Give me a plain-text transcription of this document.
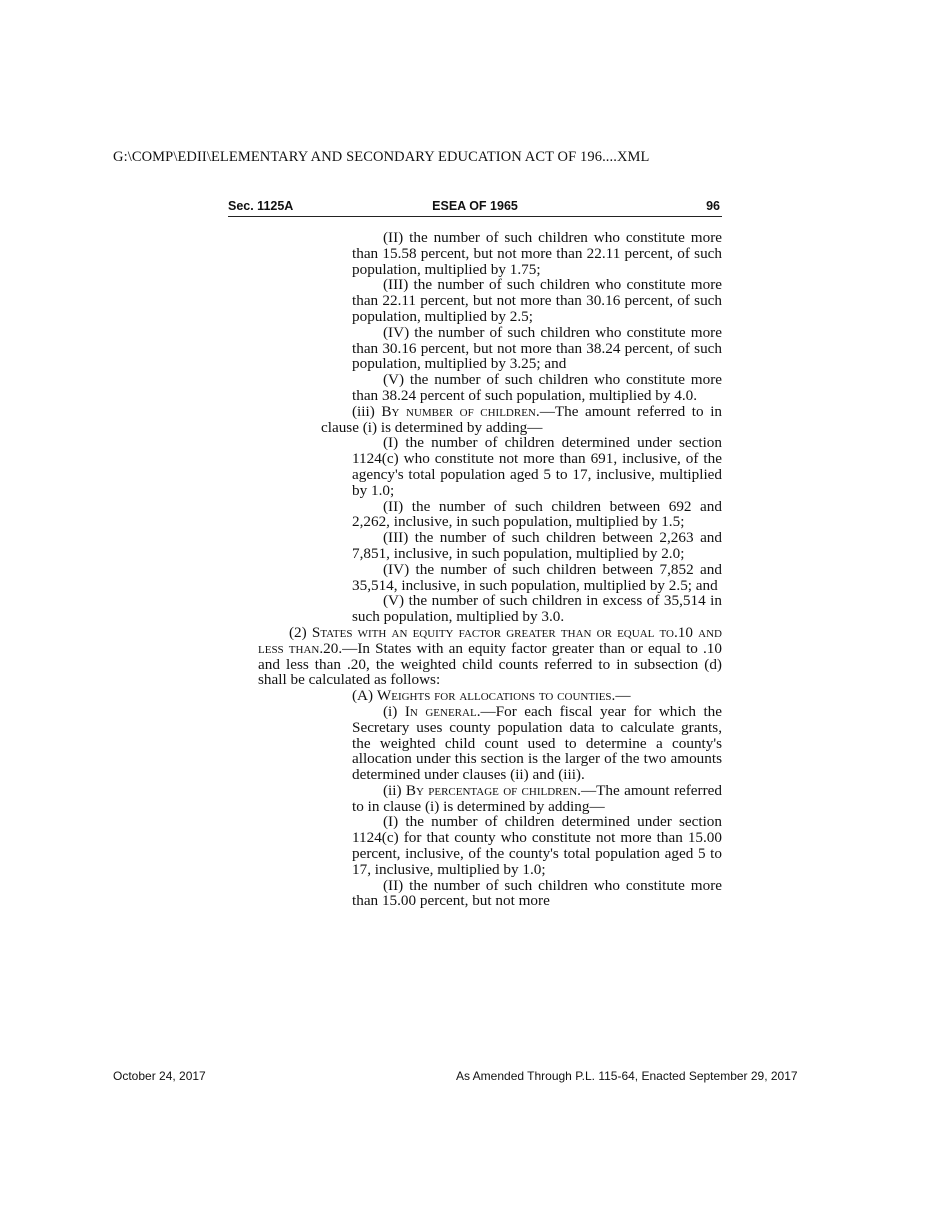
G:\COMP\EDII\ELEMENTARY AND SECONDARY EDUCATION ACT OF 196....XML
Sec. 1125A	ESEA OF 1965	96
(II) the number of such children who constitute more than 15.58 percent, but not more than 22.11 percent, of such population, multiplied by 1.75;
(III) the number of such children who constitute more than 22.11 percent, but not more than 30.16 percent, of such population, multiplied by 2.5;
(IV) the number of such children who constitute more than 30.16 percent, but not more than 38.24 percent, of such population, multiplied by 3.25; and
(V) the number of such children who constitute more than 38.24 percent of such population, multiplied by 4.0.
(iii) By number of children.—The amount referred to in clause (i) is determined by adding—
(I) the number of children determined under section 1124(c) who constitute not more than 691, inclusive, of the agency's total population aged 5 to 17, inclusive, multiplied by 1.0;
(II) the number of such children between 692 and 2,262, inclusive, in such population, multiplied by 1.5;
(III) the number of such children between 2,263 and 7,851, inclusive, in such population, multiplied by 2.0;
(IV) the number of such children between 7,852 and 35,514, inclusive, in such population, multiplied by 2.5; and
(V) the number of such children in excess of 35,514 in such population, multiplied by 3.0.
(2) States with an equity factor greater than or equal to.10 and less than.20.—In States with an equity factor greater than or equal to .10 and less than .20, the weighted child counts referred to in subsection (d) shall be calculated as follows:
(A) Weights for allocations to counties.—
(i) In general.—For each fiscal year for which the Secretary uses county population data to calculate grants, the weighted child count used to determine a county's allocation under this section is the larger of the two amounts determined under clauses (ii) and (iii).
(ii) By percentage of children.—The amount referred to in clause (i) is determined by adding—
(I) the number of children determined under section 1124(c) for that county who constitute not more than 15.00 percent, inclusive, of the county's total population aged 5 to 17, inclusive, multiplied by 1.0;
(II) the number of such children who constitute more than 15.00 percent, but not more
October 24, 2017	As Amended Through P.L. 115-64, Enacted September 29, 2017
